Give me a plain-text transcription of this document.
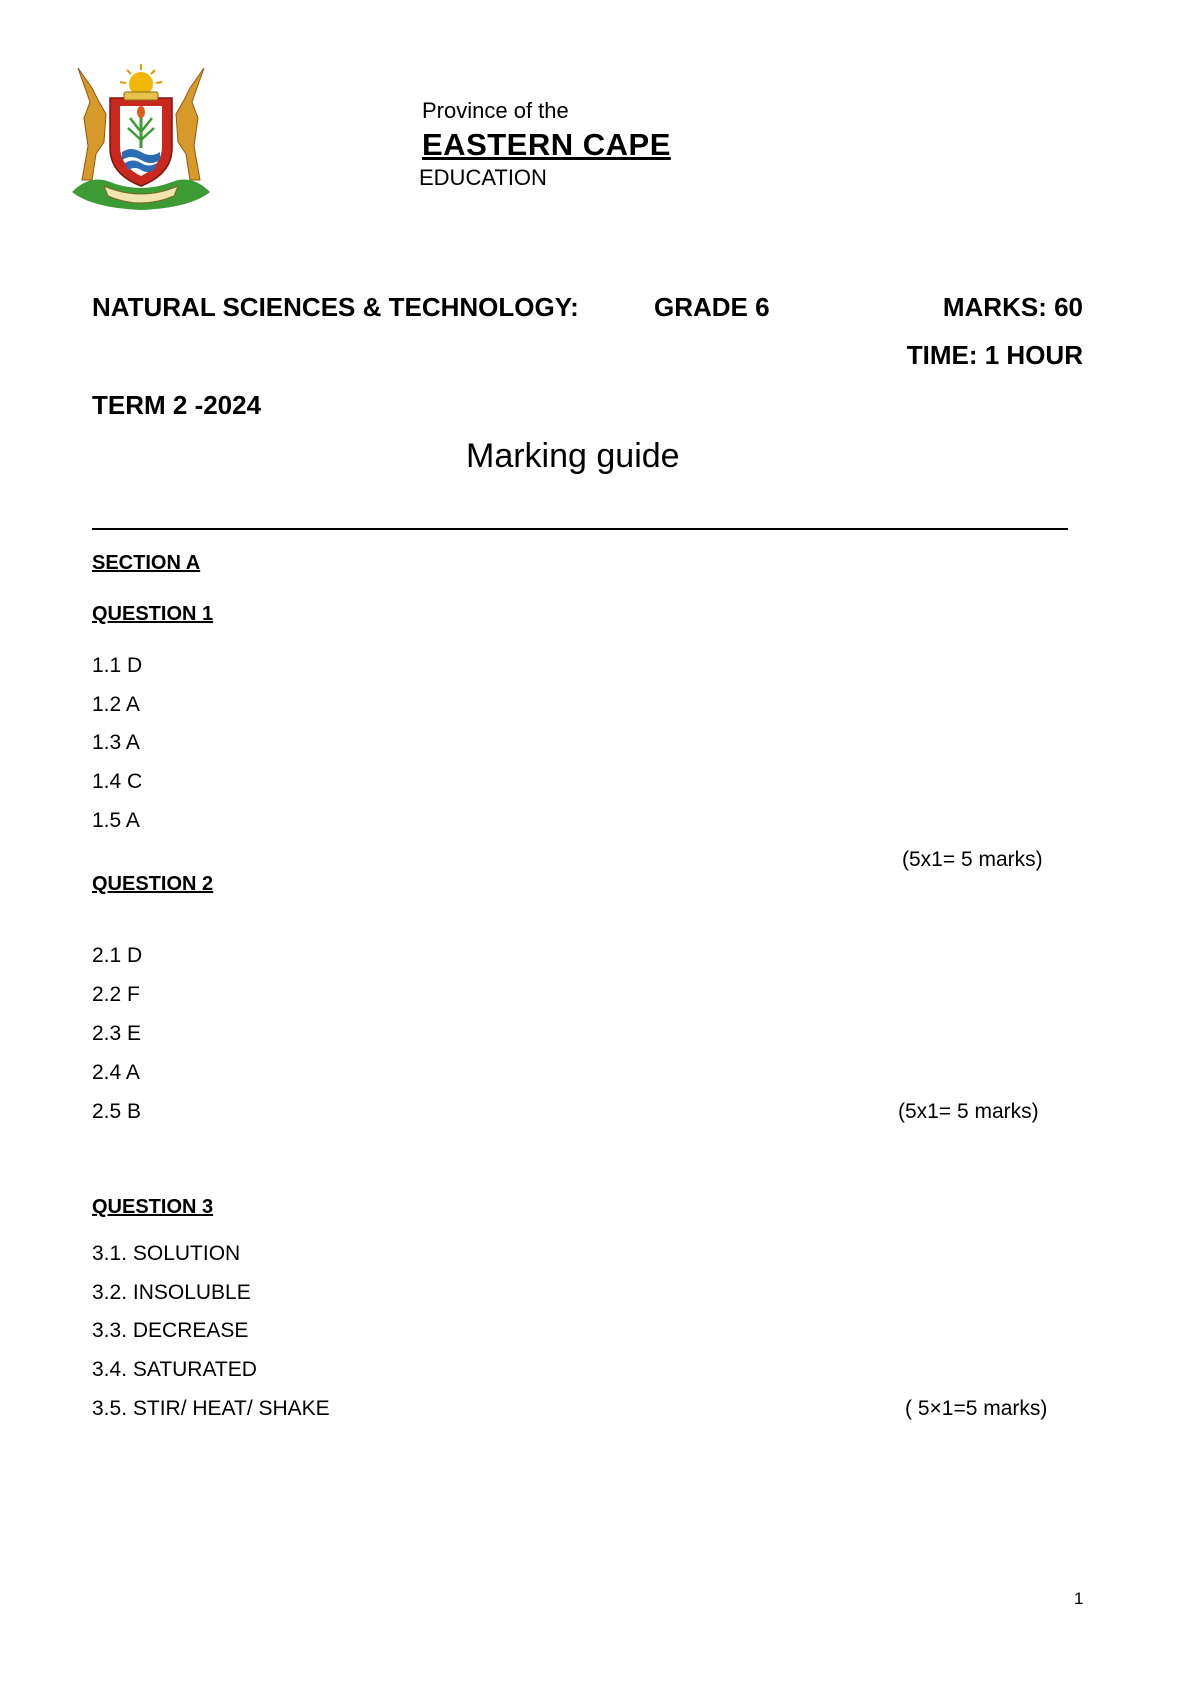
Province of the
EASTERN CAPE
EDUCATION
NATURAL SCIENCES & TECHNOLOGY:	GRADE 6	MARKS: 60
TIME: 1 HOUR
TERM 2 -2024
Marking guide
SECTION A
QUESTION 1
1.1 D
1.2 A
1.3 A
1.4 C
1.5 A
(5x1= 5 marks)
QUESTION 2
2.1 D
2.2 F
2.3 E
2.4 A
2.5 B	(5x1= 5 marks)
QUESTION 3
3.1. SOLUTION
3.2. INSOLUBLE
3.3. DECREASE
3.4. SATURATED
3.5. STIR/ HEAT/ SHAKE	( 5×1=5 marks)
1
